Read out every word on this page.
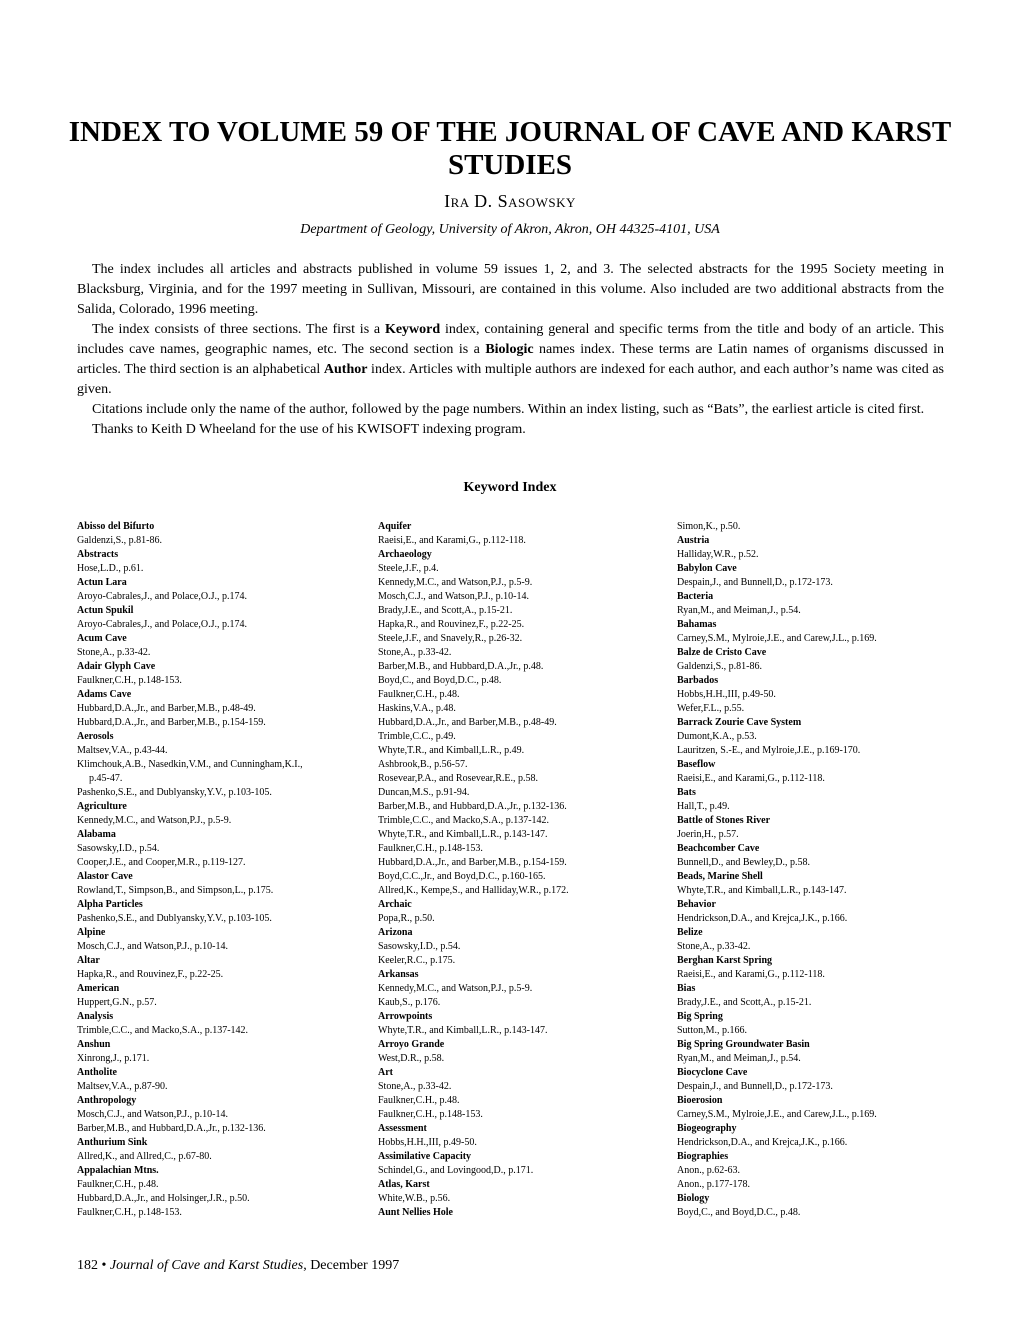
INDEX TO VOLUME 59 OF THE JOURNAL OF CAVE AND KARST STUDIES
IRA D. SASOWSKY
Department of Geology, University of Akron, Akron, OH 44325-4101, USA

The index includes all articles and abstracts published in volume 59 issues 1, 2, and 3. The selected abstracts for the 1995 Society meeting in Blacksburg, Virginia, and for the 1997 meeting in Sullivan, Missouri, are contained in this volume. Also included are two additional abstracts from the Salida, Colorado, 1996 meeting.

The index consists of three sections. The first is a Keyword index, containing general and specific terms from the title and body of an article. This includes cave names, geographic names, etc. The second section is a Biologic names index. These terms are Latin names of organisms discussed in articles. The third section is an alphabetical Author index. Articles with multiple authors are indexed for each author, and each author’s name was cited as given.

Citations include only the name of the author, followed by the page numbers. Within an index listing, such as “Bats”, the earliest article is cited first.

Thanks to Keith D Wheeland for the use of his KWISOFT indexing program.

Keyword Index
Abisso del Bifurto
Galdenzi,S., p.81-86.
Abstracts
Hose,L.D., p.61.
Actun Lara
Aroyo-Cabrales,J., and Polace,O.J., p.174.
Actun Spukil
Aroyo-Cabrales,J., and Polace,O.J., p.174.
Acum Cave
Stone,A., p.33-42.
Adair Glyph Cave
Faulkner,C.H., p.148-153.
Adams Cave
Hubbard,D.A.,Jr., and Barber,M.B., p.48-49.
Hubbard,D.A.,Jr., and Barber,M.B., p.154-159.
Aerosols
Maltsev,V.A., p.43-44.
Klimchouk,A.B., Nasedkin,V.M., and Cunningham,K.I.,
p.45-47.
Pashenko,S.E., and Dublyansky,Y.V., p.103-105.
Agriculture
Kennedy,M.C., and Watson,P.J., p.5-9.
Alabama
Sasowsky,I.D., p.54.
Cooper,J.E., and Cooper,M.R., p.119-127.
Alastor Cave
Rowland,T., Simpson,B., and Simpson,L., p.175.
Alpha Particles
Pashenko,S.E., and Dublyansky,Y.V., p.103-105.
Alpine
Mosch,C.J., and Watson,P.J., p.10-14.
Altar
Hapka,R., and Rouvinez,F., p.22-25.
American
Huppert,G.N., p.57.
Analysis
Trimble,C.C., and Macko,S.A., p.137-142.
Anshun
Xinrong,J., p.171.
Antholite
Maltsev,V.A., p.87-90.
Anthropology
Mosch,C.J., and Watson,P.J., p.10-14.
Barber,M.B., and Hubbard,D.A.,Jr., p.132-136.
Anthurium Sink
Allred,K., and Allred,C., p.67-80.
Appalachian Mtns.
Faulkner,C.H., p.48.
Hubbard,D.A.,Jr., and Holsinger,J.R., p.50.
Faulkner,C.H., p.148-153.
Aquifer
Raeisi,E., and Karami,G., p.112-118.
Archaeology
Steele,J.F., p.4.
Kennedy,M.C., and Watson,P.J., p.5-9.
Mosch,C.J., and Watson,P.J., p.10-14.
Brady,J.E., and Scott,A., p.15-21.
Hapka,R., and Rouvinez,F., p.22-25.
Steele,J.F., and Snavely,R., p.26-32.
Stone,A., p.33-42.
Barber,M.B., and Hubbard,D.A.,Jr., p.48.
Boyd,C., and Boyd,D.C., p.48.
Faulkner,C.H., p.48.
Haskins,V.A., p.48.
Hubbard,D.A.,Jr., and Barber,M.B., p.48-49.
Trimble,C.C., p.49.
Whyte,T.R., and Kimball,L.R., p.49.
Ashbrook,B., p.56-57.
Rosevear,P.A., and Rosevear,R.E., p.58.
Duncan,M.S., p.91-94.
Barber,M.B., and Hubbard,D.A.,Jr., p.132-136.
Trimble,C.C., and Macko,S.A., p.137-142.
Whyte,T.R., and Kimball,L.R., p.143-147.
Faulkner,C.H., p.148-153.
Hubbard,D.A.,Jr., and Barber,M.B., p.154-159.
Boyd,C.C.,Jr., and Boyd,D.C., p.160-165.
Allred,K., Kempe,S., and Halliday,W.R., p.172.
Archaic
Popa,R., p.50.
Arizona
Sasowsky,I.D., p.54.
Keeler,R.C., p.175.
Arkansas
Kennedy,M.C., and Watson,P.J., p.5-9.
Kaub,S., p.176.
Arrowpoints
Whyte,T.R., and Kimball,L.R., p.143-147.
Arroyo Grande
West,D.R., p.58.
Art
Stone,A., p.33-42.
Faulkner,C.H., p.48.
Faulkner,C.H., p.148-153.
Assessment
Hobbs,H.H.,III, p.49-50.
Assimilative Capacity
Schindel,G., and Lovingood,D., p.171.
Atlas, Karst
White,W.B., p.56.
Aunt Nellies Hole
Simon,K., p.50.
Austria
Halliday,W.R., p.52.
Babylon Cave
Despain,J., and Bunnell,D., p.172-173.
Bacteria
Ryan,M., and Meiman,J., p.54.
Bahamas
Carney,S.M., Mylroie,J.E., and Carew,J.L., p.169.
Balze de Cristo Cave
Galdenzi,S., p.81-86.
Barbados
Hobbs,H.H.,III, p.49-50.
Wefer,F.L., p.55.
Barrack Zourie Cave System
Dumont,K.A., p.53.
Lauritzen, S.-E., and Mylroie,J.E., p.169-170.
Baseflow
Raeisi,E., and Karami,G., p.112-118.
Bats
Hall,T., p.49.
Battle of Stones River
Joerin,H., p.57.
Beachcomber Cave
Bunnell,D., and Bewley,D., p.58.
Beads, Marine Shell
Whyte,T.R., and Kimball,L.R., p.143-147.
Behavior
Hendrickson,D.A., and Krejca,J.K., p.166.
Belize
Stone,A., p.33-42.
Berghan Karst Spring
Raeisi,E., and Karami,G., p.112-118.
Bias
Brady,J.E., and Scott,A., p.15-21.
Big Spring
Sutton,M., p.166.
Big Spring Groundwater Basin
Ryan,M., and Meiman,J., p.54.
Biocyclone Cave
Despain,J., and Bunnell,D., p.172-173.
Bioerosion
Carney,S.M., Mylroie,J.E., and Carew,J.L., p.169.
Biogeography
Hendrickson,D.A., and Krejca,J.K., p.166.
Biographies
Anon., p.62-63.
Anon., p.177-178.
Biology
Boyd,C., and Boyd,D.C., p.48.
182 • Journal of Cave and Karst Studies, December 1997
